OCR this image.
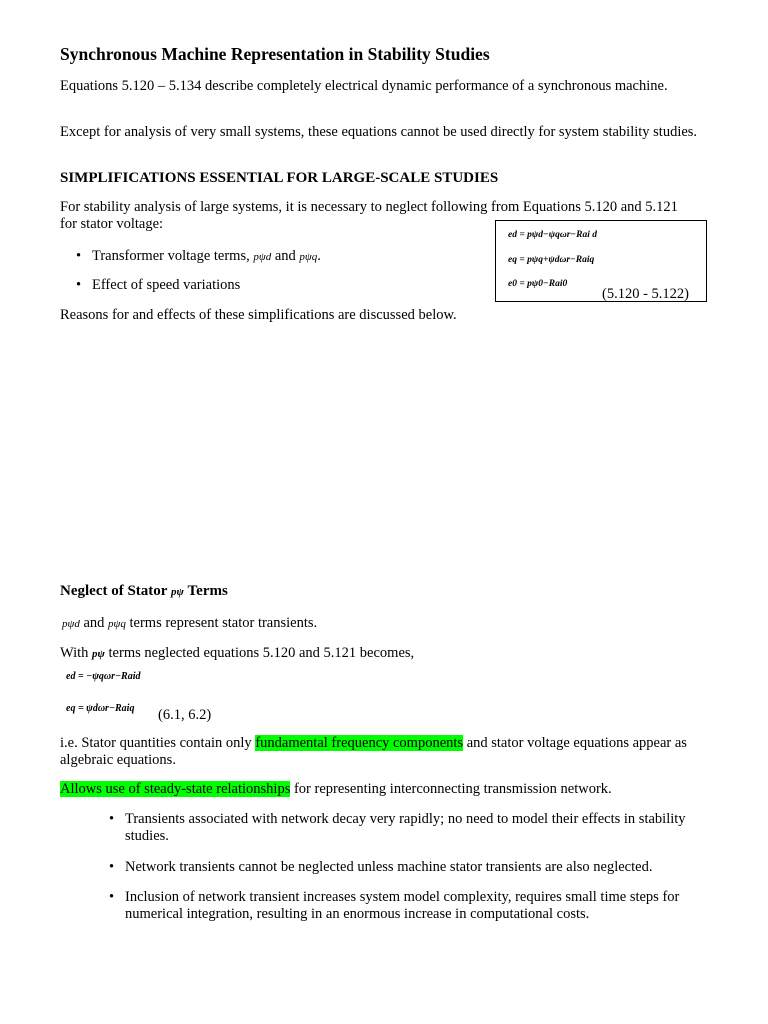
Synchronous Machine Representation in Stability Studies
Equations 5.120 – 5.134 describe completely electrical dynamic performance of a synchronous machine.
Except for analysis of very small systems, these equations cannot be used directly for system stability studies.
SIMPLIFICATIONS ESSENTIAL FOR LARGE-SCALE STUDIES
For stability analysis of large systems, it is necessary to neglect following from Equations 5.120 and 5.121 for stator voltage:
• Transformer voltage terms, pψd and pψq.
• Effect of speed variations
Reasons for and effects of these simplifications are discussed below.
ed = pψd−ψqωr−Rai d
eq = pψq+ψdωr−Raiq
e0 = pψ0−Rai0
(5.120 - 5.122)
Neglect of Stator pψ Terms
pψd and pψq terms represent stator transients.
With pψ terms neglected equations 5.120 and 5.121 becomes,
ed = −ψqωr−Raid
eq = ψdωr−Raiq (6.1, 6.2)
i.e. Stator quantities contain only fundamental frequency components and stator voltage equations appear as algebraic equations.
Allows use of steady-state relationships for representing interconnecting transmission network.
• Transients associated with network decay very rapidly; no need to model their effects in stability studies.
• Network transients cannot be neglected unless machine stator transients are also neglected.
• Inclusion of network transient increases system model complexity, requires small time steps for numerical integration, resulting in an enormous increase in computational costs.
